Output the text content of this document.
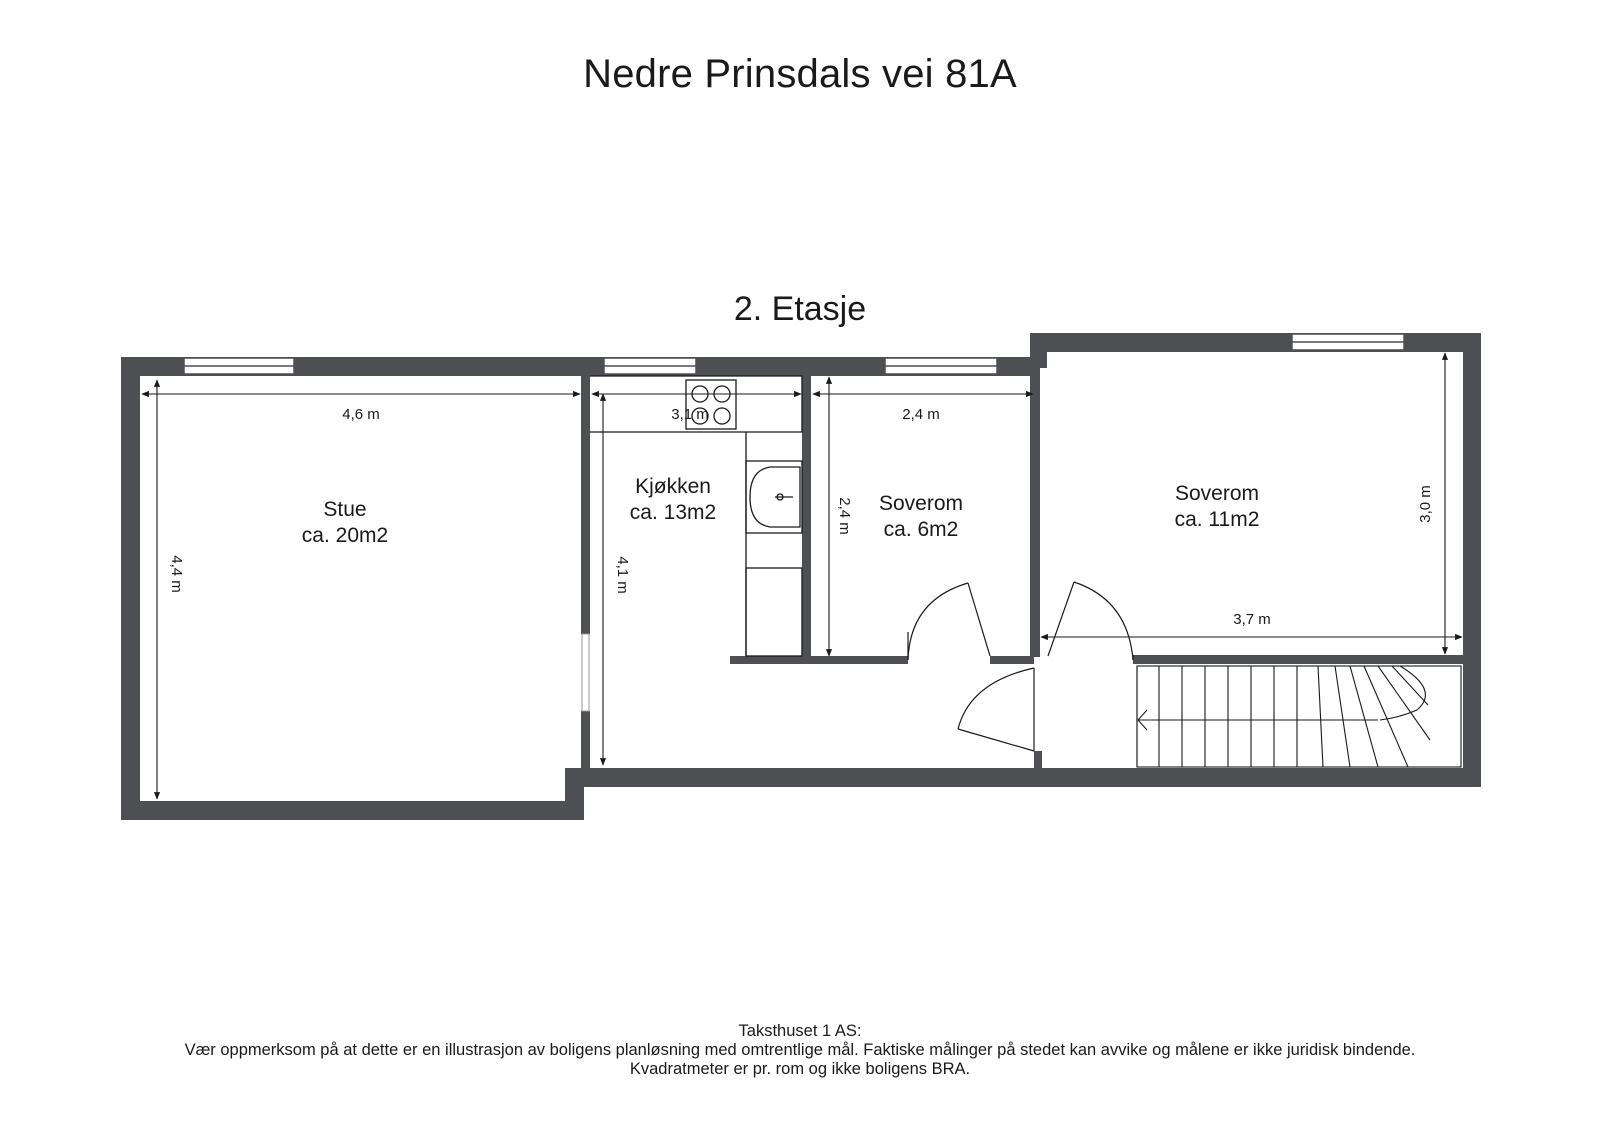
Nedre Prinsdals vei 81A
2. Etasje
4,6 m
4,4 m
3,1 m
4,1 m
2,4 m
2,4 m
3,7 m
3,0 m
Stue
ca. 20m2
Kjøkken
ca. 13m2	Soverom
ca. 6m2
Soverom
ca. 11m2
Taksthuset 1 AS:
Vær oppmerksom på at dette er en illustrasjon av boligens planløsning med omtrentlige mål. Faktiske målinger på stedet kan avvike og målene er ikke juridisk bindende.
Kvadratmeter er pr. rom og ikke boligens BRA.
